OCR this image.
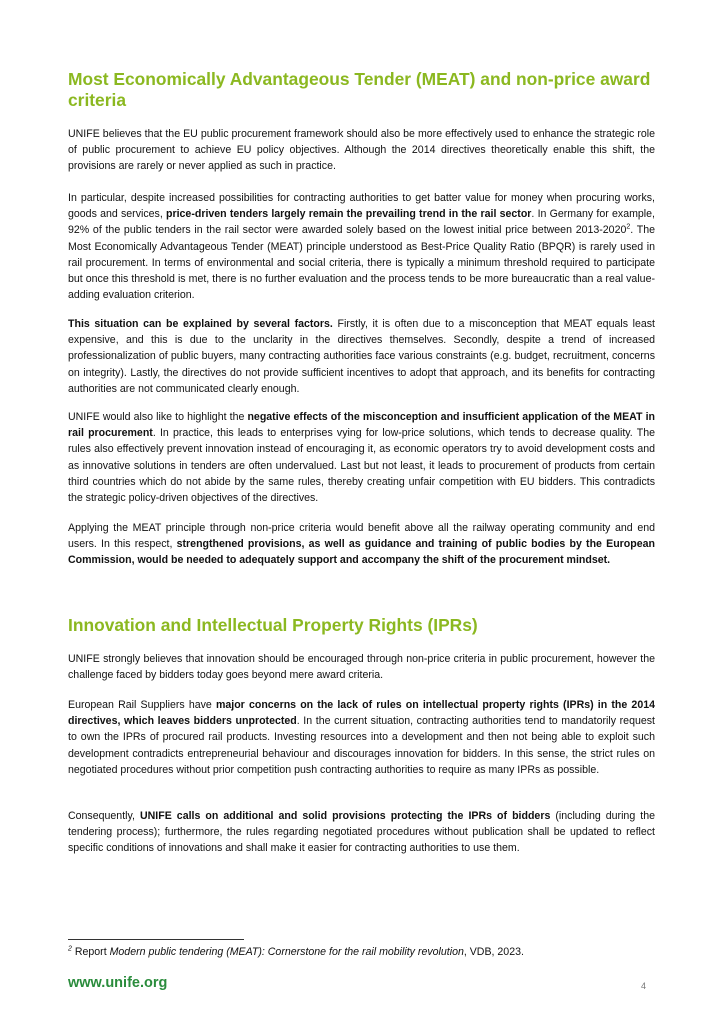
Most Economically Advantageous Tender (MEAT) and non-price award criteria

UNIFE believes that the EU public procurement framework should also be more effectively used to enhance the strategic role of public procurement to achieve EU policy objectives. Although the 2014 directives theoretically enable this shift, the provisions are rarely or never applied as such in practice.

In particular, despite increased possibilities for contracting authorities to get batter value for money when procuring works, goods and services, price-driven tenders largely remain the prevailing trend in the rail sector. In Germany for example, 92% of the public tenders in the rail sector were awarded solely based on the lowest initial price between 2013-2020$^2$. The Most Economically Advantageous Tender (MEAT) principle understood as Best-Price Quality Ratio (BPQR) is rarely used in rail procurement. In terms of environmental and social criteria, there is typically a minimum threshold required to participate but once this threshold is met, there is no further evaluation and the process tends to be more bureaucratic than a real value-adding evaluation criterion.

This situation can be explained by several factors. Firstly, it is often due to a misconception that MEAT equals least expensive, and this is due to the unclarity in the directives themselves. Secondly, despite a trend of increased professionalization of public buyers, many contracting authorities face various constraints (e.g. budget, recruitment, concerns on integrity). Lastly, the directives do not provide sufficient incentives to adopt that approach, and its benefits for contracting authorities are not communicated clearly enough.

UNIFE would also like to highlight the negative effects of the misconception and insufficient application of the MEAT in rail procurement. In practice, this leads to enterprises vying for low-price solutions, which tends to decrease quality. The rules also effectively prevent innovation instead of encouraging it, as economic operators try to avoid development costs and as innovative solutions in tenders are often undervalued. Last but not least, it leads to procurement of products from certain third countries which do not abide by the same rules, thereby creating unfair competition with EU bidders. This contradicts the strategic policy-driven objectives of the directives.

Applying the MEAT principle through non-price criteria would benefit above all the railway operating community and end users. In this respect, strengthened provisions, as well as guidance and training of public bodies by the European Commission, would be needed to adequately support and accompany the shift of the procurement mindset.

Innovation and Intellectual Property Rights (IPRs)

UNIFE strongly believes that innovation should be encouraged through non-price criteria in public procurement, however the challenge faced by bidders today goes beyond mere award criteria.

European Rail Suppliers have major concerns on the lack of rules on intellectual property rights (IPRs) in the 2014 directives, which leaves bidders unprotected. In the current situation, contracting authorities tend to mandatorily request to own the IPRs of procured rail products. Investing resources into a development and then not being able to exploit such development contradicts entrepreneurial behaviour and discourages innovation for bidders. In this sense, the strict rules on negotiated procedures without prior competition push contracting authorities to require as many IPRs as possible.

Consequently, UNIFE calls on additional and solid provisions protecting the IPRs of bidders (including during the tendering process); furthermore, the rules regarding negotiated procedures without publication shall be updated to reflect specific conditions of innovations and shall make it easier for contracting authorities to use them.

$^2$ Report Modern public tendering (MEAT): Cornerstone for the rail mobility revolution, VDB, 2023.

www.unife.org	4
